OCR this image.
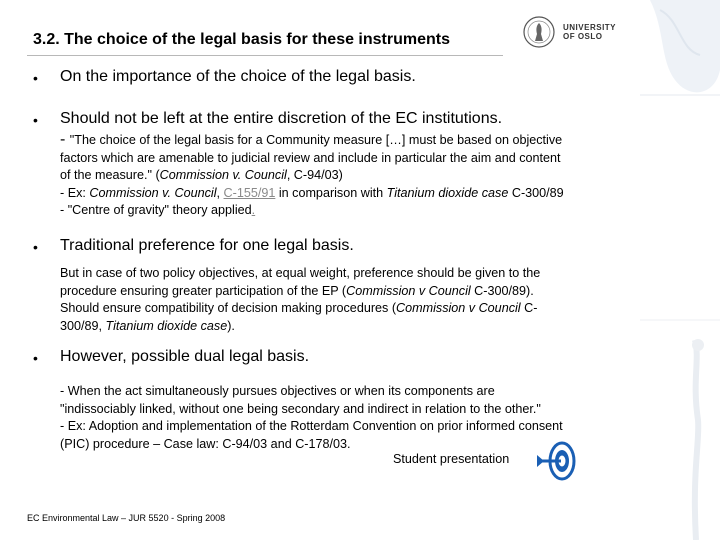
3.2. The choice of the legal basis for these instruments
UNIVERSITY
OF OSLO
• On the importance of the choice of the legal basis.
• Should not be left at the entire discretion of the EC institutions.

- "The choice of the legal basis for a Community measure […] must be based on objective

factors which are amenable to judicial review and include in particular the aim and content

of the measure." (Commission v. Council, C-94/03)

- Ex: Commission v. Council, C-155/91 in comparison with Titanium dioxide case C-300/89

- "Centre of gravity" theory applied.

• Traditional preference for one legal basis.

But in case of two policy objectives, at equal weight, preference should be given to the

procedure ensuring greater participation of the EP (Commission v Council C-300/89).

Should ensure compatibility of decision making procedures (Commission v Council C-

300/89, Titanium dioxide case).

• However, possible dual legal basis.

- When the act simultaneously pursues objectives or when its components are

"indissociably linked, without one being secondary and indirect in relation to the other."

- Ex: Adoption and implementation of the Rotterdam Convention on prior informed consent

(PIC) procedure – Case law: C-94/03 and C-178/03.

Student presentation
EC Environmental Law – JUR 5520 - Spring 2008
